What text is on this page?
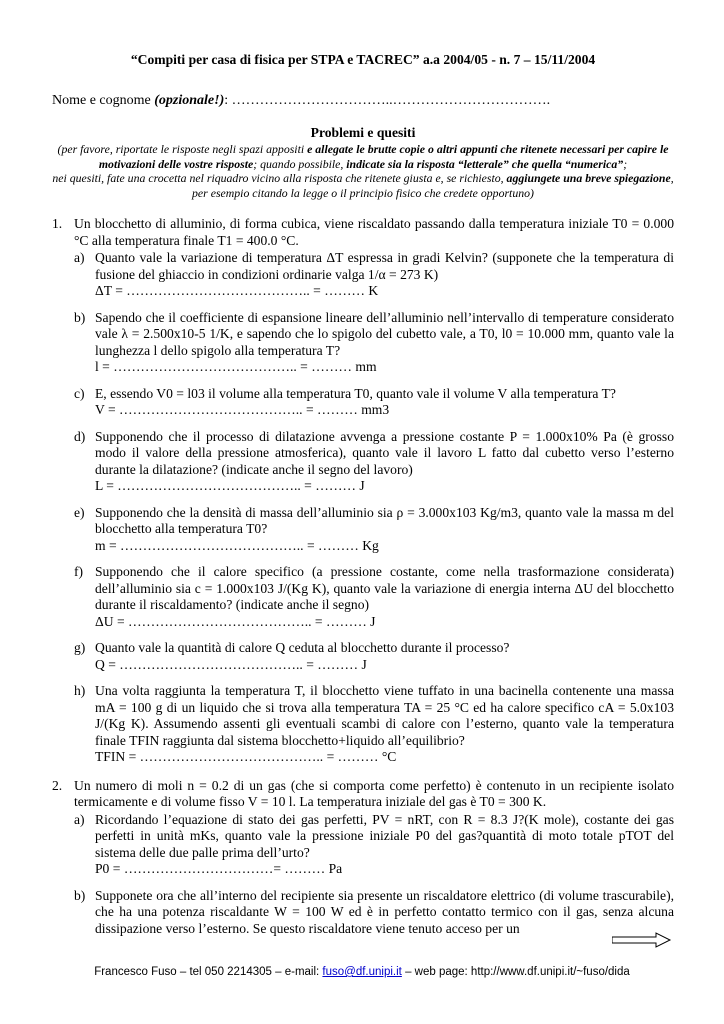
“Compiti per casa di fisica per STPA e TACREC” a.a 2004/05 - n. 7 – 15/11/2004
Nome e cognome (opzionale!): ……………………………..…………………………….
Problemi e quesiti
(per favore, riportate le risposte negli spazi appositi e allegate le brutte copie o altri appunti che ritenete necessari per capire le motivazioni delle vostre risposte; quando possibile, indicate sia la risposta “letterale” che quella “numerica”;
nei quesiti, fate una crocetta nel riquadro vicino alla risposta che ritenete giusta e, se richiesto, aggiungete una breve spiegazione, per esempio citando la legge o il principio fisico che credete opportuno)
1. Un blocchetto di alluminio, di forma cubica, viene riscaldato passando dalla temperatura iniziale T0 = 0.000 °C alla temperatura finale T1 = 400.0 °C.
a) Quanto vale la variazione di temperatura ΔT espressa in gradi Kelvin? (supponete che la temperatura di fusione del ghiaccio in condizioni ordinarie valga 1/α = 273 K)
ΔT = ………………………………….. = ……… K
b) Sapendo che il coefficiente di espansione lineare dell’alluminio nell’intervallo di temperature considerato vale λ = 2.500x10-5 1/K, e sapendo che lo spigolo del cubetto vale, a T0, l0 = 10.000 mm, quanto vale la lunghezza l dello spigolo alla temperatura T?
l = ………………………………….. = ……… mm
c) E, essendo V0 = l03 il volume alla temperatura T0, quanto vale il volume V alla temperatura T?
V = ………………………………….. = ……… mm3
d) Supponendo che il processo di dilatazione avvenga a pressione costante P = 1.000x10% Pa (è grosso modo il valore della pressione atmosferica), quanto vale il lavoro L fatto dal cubetto verso l’esterno durante la dilatazione? (indicate anche il segno del lavoro)
L = ………………………………….. = ……… J
e) Supponendo che la densità di massa dell’alluminio sia ρ = 3.000x103 Kg/m3, quanto vale la massa m del blocchetto alla temperatura T0?
m = ………………………………….. = ……… Kg
f) Supponendo che il calore specifico (a pressione costante, come nella trasformazione considerata) dell’alluminio sia c = 1.000x103 J/(Kg K), quanto vale la variazione di energia interna ΔU del blocchetto durante il riscaldamento? (indicate anche il segno)
ΔU = ………………………………….. = ……… J
g) Quanto vale la quantità di calore Q ceduta al blocchetto durante il processo?
Q = ………………………………….. = ……… J
h) Una volta raggiunta la temperatura T, il blocchetto viene tuffato in una bacinella contenente una massa mA = 100 g di un liquido che si trova alla temperatura TA = 25 °C ed ha calore specifico cA = 5.0x103 J/(Kg K). Assumendo assenti gli eventuali scambi di calore con l’esterno, quanto vale la temperatura finale TFIN raggiunta dal sistema blocchetto+liquido all’equilibrio?
TFIN = ………………………………….. = ……… °C
2. Un numero di moli n = 0.2 di un gas (che si comporta come perfetto) è contenuto in un recipiente isolato termicamente e di volume fisso V = 10 l. La temperatura iniziale del gas è T0 = 300 K.
a) Ricordando l’equazione di stato dei gas perfetti, PV = nRT, con R = 8.3 J?(K mole), costante dei gas perfetti in unità mKs, quanto vale la pressione iniziale P0 del gas?quantità di moto totale pTOT del sistema delle due palle prima dell’urto?
P0 = ……………………………= ……… Pa
b) Supponete ora che all’interno del recipiente sia presente un riscaldatore elettrico (di volume trascurabile), che ha una potenza riscaldante W = 100 W ed è in perfetto contatto termico con il gas, senza alcuna dissipazione verso l’esterno. Se questo riscaldatore viene tenuto acceso per un
Francesco Fuso – tel 050 2214305 – e-mail: fuso@df.unipi.it – web page: http://www.df.unipi.it/~fuso/dida
